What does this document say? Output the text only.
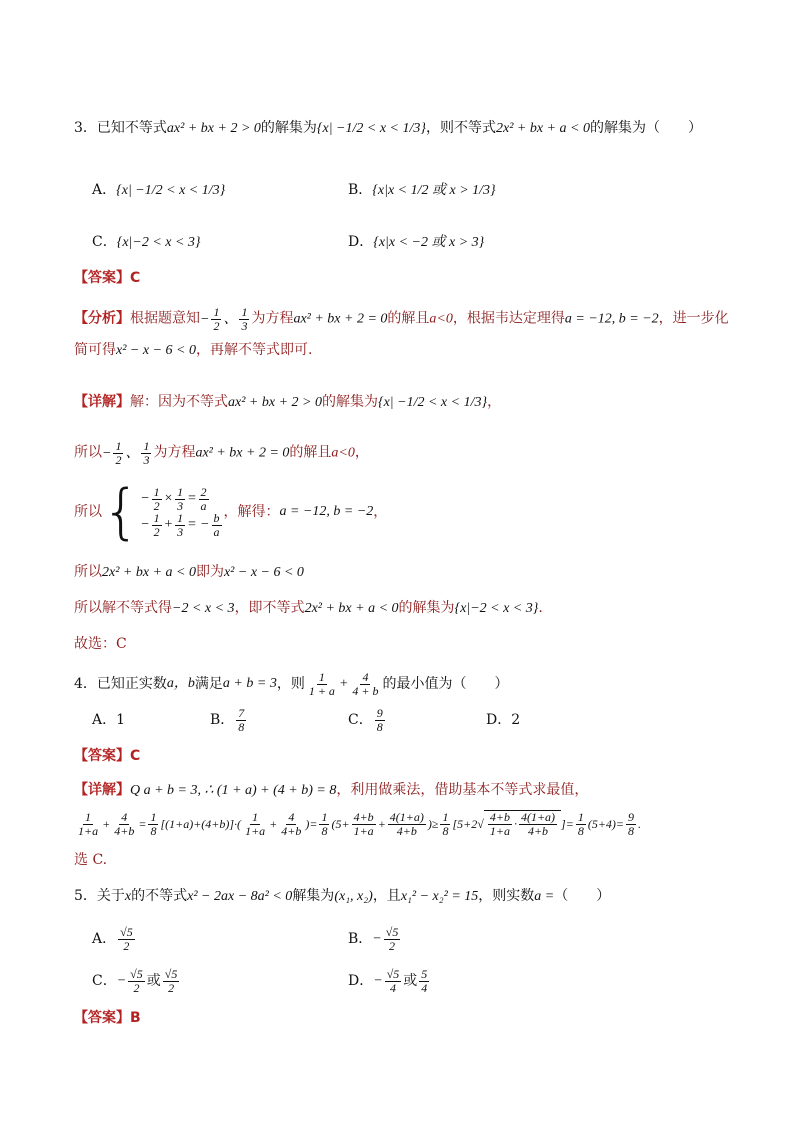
3．已知不等式ax² + bx + 2 > 0的解集为{x| −1/2 < x < 1/3}，则不等式2x² + bx + a < 0的解集为（　　）
A．{x| −1/2 < x < 1/3}	B．{x|x < 1/2 或 x > 1/3}
C．{x|−2 < x < 3}	D．{x|x < −2 或 x > 3}
【答案】C
【分析】根据题意知− $\frac{1}{2}$ 、 $\frac{1}{3}$ 为方程ax² + bx + 2 = 0的解且a<0，根据韦达定理得a = −12, b = −2，进一步化
简可得x² − x − 6 < 0，再解不等式即可.
【详解】解：因为不等式ax² + bx + 2 > 0的解集为{x| −1/2 < x < 1/3}，
所以− $\frac{1}{2}$ 、 $\frac{1}{3}$ 为方程ax² + bx + 2 = 0的解且a<0，
所以 { − $\frac{1}{2} \times \frac{1}{3} = \frac{2}{a}$
− $\frac{1}{2} + \frac{1}{3}$ = − $\frac{b}{a}$ ，解得： a = −12, b = −2 ，
所以2x² + bx + a < 0即为x² − x − 6 < 0
所以解不等式得−2 < x < 3，即不等式2x² + bx + a < 0的解集为{x|−2 < x < 3}.
故选：C
4．已知正实数 a，b 满足 a + b = 3 ，则 $\frac{1}{1 + a} + \frac{4}{4 + b}$ 的最小值为（　　）
A．1	B． $\frac{7}{8}$	C． $\frac{9}{8}$	D．2
【答案】C
【详解】Q a + b = 3, ∴ (1 + a) + (4 + b) = 8，利用做乘法，借助基本不等式求最值，
$\frac{1}{1+a} + \frac{4}{4+b} = \frac{1}{8} [(1+a)+(4+b)]\cdot( \frac{1}{1+a} + \frac{4}{4+b}$ )= $\frac{1}{8} (5+ \frac{4+b}{1+a} + \frac{4(1+a)}{4+b}$ )≥ $\frac{1}{8} [5+2√ \frac{4+b}{1+a} \cdot \frac{4(1+a)}{4+b}$ ]= $\frac{1}{8} (5+4)= \frac{9}{8}$ .
选 C.
5．关于x的不等式x² − 2ax − 8a² < 0解集为(x₁, x₂)，且x₁² − x₂² = 15，则实数a =（　　）
A． $\frac{√5}{2}$	B． − $\frac{√5}{2}$
C． − $\frac{√5}{2}$ 或 $\frac{√5}{2}$	D． − $\frac{√5}{4}$ 或 $\frac{5}{4}$
【答案】B
